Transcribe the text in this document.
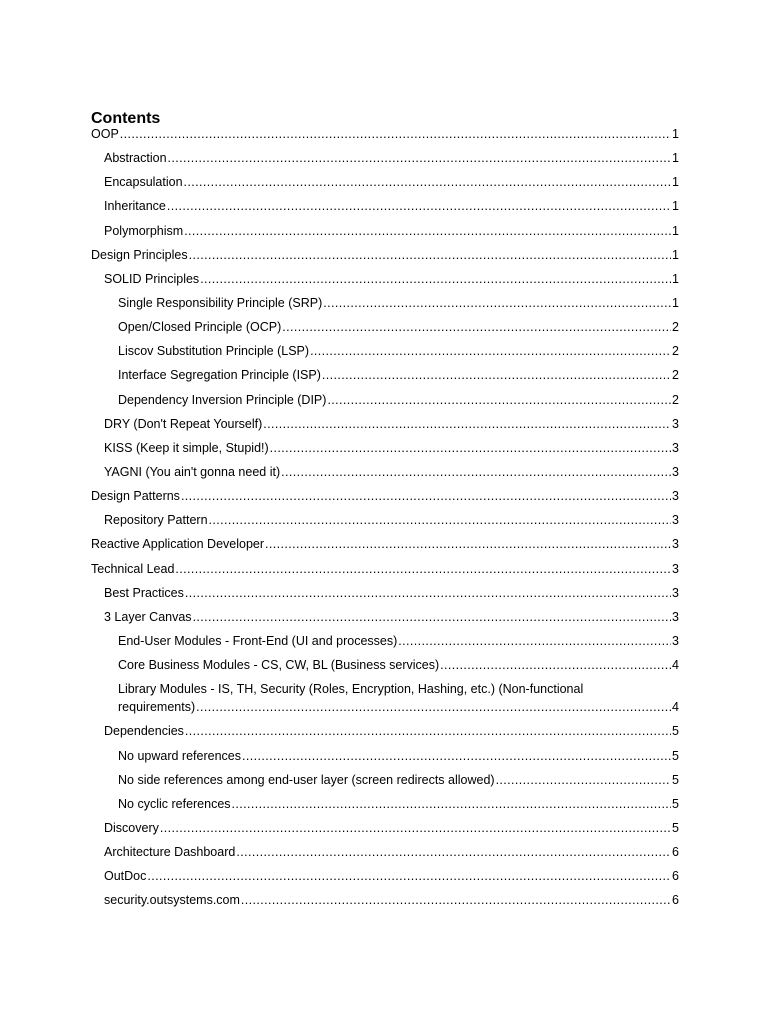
Contents
OOP .....	1
Abstraction .....	1
Encapsulation .....	1
Inheritance .....	1
Polymorphism .....	1
Design Principles .....	1
SOLID Principles .....	1
Single Responsibility Principle (SRP) .....	1
Open/Closed Principle (OCP) .....	2
Liscov Substitution Principle (LSP) .....	2
Interface Segregation Principle (ISP) .....	2
Dependency Inversion Principle (DIP) .....	2
DRY (Don't Repeat Yourself) .....	3
KISS (Keep it simple, Stupid!) .....	3
YAGNI (You ain't gonna need it) .....	3
Design Patterns .....	3
Repository Pattern .....	3
Reactive Application Developer .....	3
Technical Lead .....	3
Best Practices .....	3
3 Layer Canvas .....	3
End-User Modules - Front-End (UI and processes) .....	3
Core Business Modules - CS, CW, BL (Business services) .....	4
Library Modules - IS, TH, Security (Roles, Encryption, Hashing, etc.) (Non-functional
requirements) .....	4
Dependencies .....	5
No upward references .....	5
No side references among end-user layer (screen redirects allowed) .....	5
No cyclic references .....	5
Discovery .....	5
Architecture Dashboard .....	6
OutDoc .....	6
security.outsystems.com .....	6
